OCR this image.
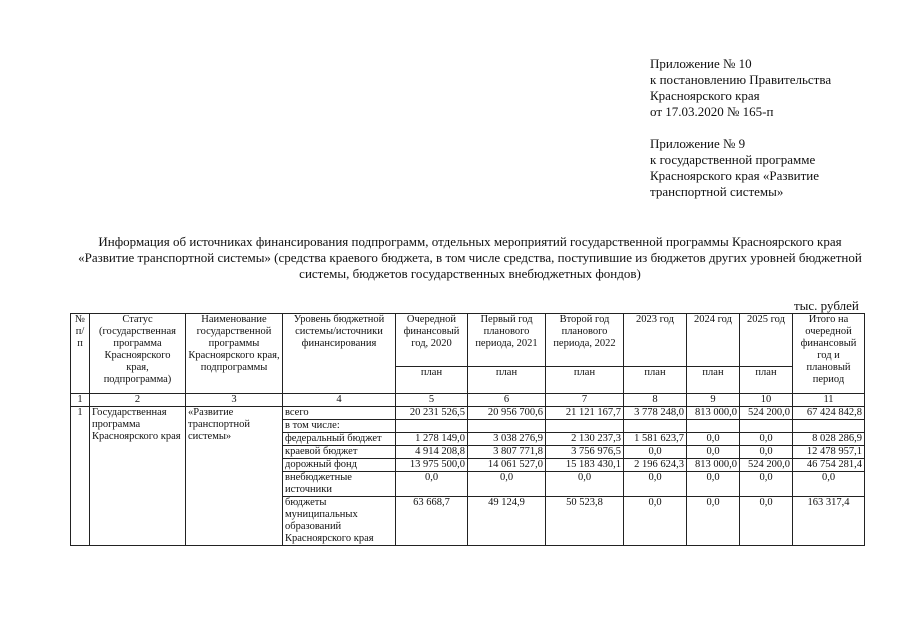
Приложение № 10
к постановлению Правительства
Красноярского края
от 17.03.2020 № 165-п
Приложение № 9
к государственной программе
Красноярского края «Развитие
транспортной системы»
Информация об источниках финансирования подпрограмм, отдельных мероприятий государственной программы Красноярского края «Развитие транспортной системы» (средства краевого бюджета, в том числе средства, поступившие из бюджетов других уровней бюджетной системы, бюджетов государственных внебюджетных фондов)
тыс. рублей
№ п/п	Статус (государственная программа Красноярского края, подпрограмма)	Наименование государственной программы Красноярского края, подпрограммы	Уровень бюджетной системы/источники финансирования	Очередной финансовый год, 2020	Первый год планового периода, 2021	Второй год планового периода, 2022	2023 год	2024 год	2025 год	Итого на очередной финансовый год и плановый период
				план	план	план	план	план	план	
1	2	3	4	5	6	7	8	9	10	11
1	Государственная программа Красноярского края	«Развитие транспортной системы»	всего	20 231 526,5	20 956 700,6	21 121 167,7	3 778 248,0	813 000,0	524 200,0	67 424 842,8
			в том числе:							
			федеральный бюджет	1 278 149,0	3 038 276,9	2 130 237,3	1 581 623,7	0,0	0,0	8 028 286,9
			краевой бюджет	4 914 208,8	3 807 771,8	3 756 976,5	0,0	0,0	0,0	12 478 957,1
			дорожный фонд	13 975 500,0	14 061 527,0	15 183 430,1	2 196 624,3	813 000,0	524 200,0	46 754 281,4
			внебюджетные источники	0,0	0,0	0,0	0,0	0,0	0,0	0,0
			бюджеты муниципальных образований Красноярского края	63 668,7	49 124,9	50 523,8	0,0	0,0	0,0	163 317,4
